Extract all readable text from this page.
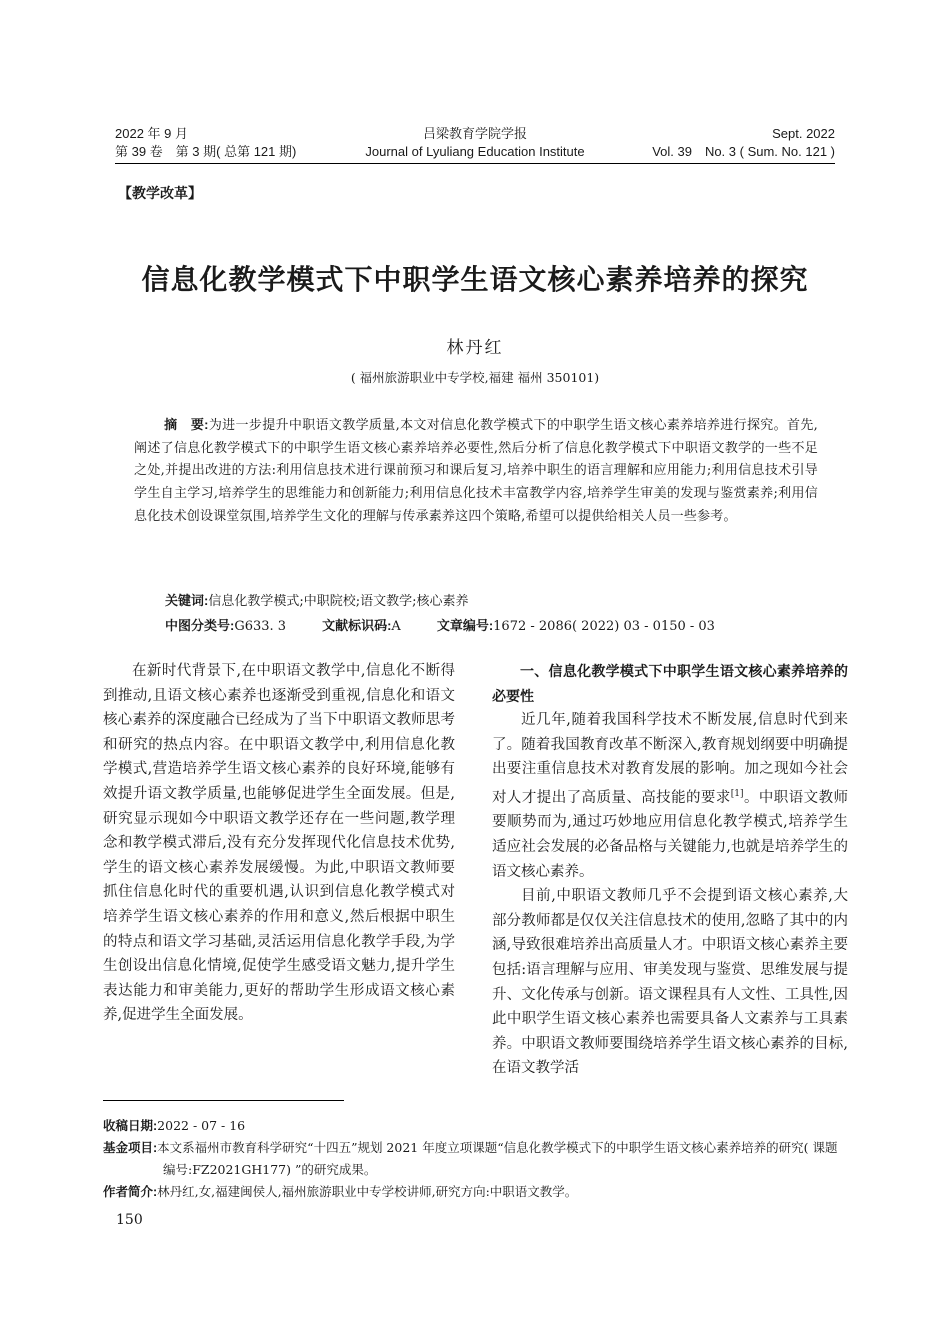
2022 年 9 月	吕梁教育学院学报	Sept. 2022
第 39 卷　第 3 期( 总第 121 期)	Journal of Lyuliang Education Institute	Vol. 39　No. 3 ( Sum. No. 121 )
【教学改革】
信息化教学模式下中职学生语文核心素养培养的探究
林丹红
( 福州旅游职业中专学校,福建 福州 350101)
摘　要:为进一步提升中职语文教学质量,本文对信息化教学模式下的中职学生语文核心素养培养进行探究。首先,阐述了信息化教学模式下的中职学生语文核心素养培养必要性,然后分析了信息化教学模式下中职语文教学的一些不足之处,并提出改进的方法:利用信息技术进行课前预习和课后复习,培养中职生的语言理解和应用能力;利用信息技术引导学生自主学习,培养学生的思维能力和创新能力;利用信息化技术丰富教学内容,培养学生审美的发现与鉴赏素养;利用信息化技术创设课堂氛围,培养学生文化的理解与传承素养这四个策略,希望可以提供给相关人员一些参考。
关键词:信息化教学模式;中职院校;语文教学;核心素养
中图分类号:G633. 3	文献标识码:A	文章编号:1672 - 2086( 2022) 03 - 0150 - 03

在新时代背景下,在中职语文教学中,信息化不断得到推动,且语文核心素养也逐渐受到重视,信息化和语文核心素养的深度融合已经成为了当下中职语文教师思考和研究的热点内容。在中职语文教学中,利用信息化教学模式,营造培养学生语文核心素养的良好环境,能够有效提升语文教学质量,也能够促进学生全面发展。但是,研究显示现如今中职语文教学还存在一些问题,教学理念和教学模式滞后,没有充分发挥现代化信息技术优势,学生的语文核心素养发展缓慢。为此,中职语文教师要抓住信息化时代的重要机遇,认识到信息化教学模式对培养学生语文核心素养的作用和意义,然后根据中职生的特点和语文学习基础,灵活运用信息化教学手段,为学生创设出信息化情境,促使学生感受语文魅力,提升学生表达能力和审美能力,更好的帮助学生形成语文核心素养,促进学生全面发展。

一、信息化教学模式下中职学生语文核心素养培养的必要性

近几年,随着我国科学技术不断发展,信息时代到来了。随着我国教育改革不断深入,教育规划纲要中明确提出要注重信息技术对教育发展的影响。加之现如今社会对人才提出了高质量、高技能的要求[1]。中职语文教师要顺势而为,通过巧妙地应用信息化教学模式,培养学生适应社会发展的必备品格与关键能力,也就是培养学生的语文核心素养。

目前,中职语文教师几乎不会提到语文核心素养,大部分教师都是仅仅关注信息技术的使用,忽略了其中的内涵,导致很难培养出高质量人才。中职语文核心素养主要包括:语言理解与应用、审美发现与鉴赏、思维发展与提升、文化传承与创新。语文课程具有人文性、工具性,因此中职学生语文核心素养也需要具备人文素养与工具素养。中职语文教师要围绕培养学生语文核心素养的目标,在语文教学活

收稿日期:2022 - 07 - 16

基金项目:本文系福州市教育科学研究“十四五”规划 2021 年度立项课题“信息化教学模式下的中职学生语文核心素养培养的研究( 课题编号:FZ2021GH177) ”的研究成果。

作者简介:林丹红,女,福建闽侯人,福州旅游职业中专学校讲师,研究方向:中职语文教学。

150
